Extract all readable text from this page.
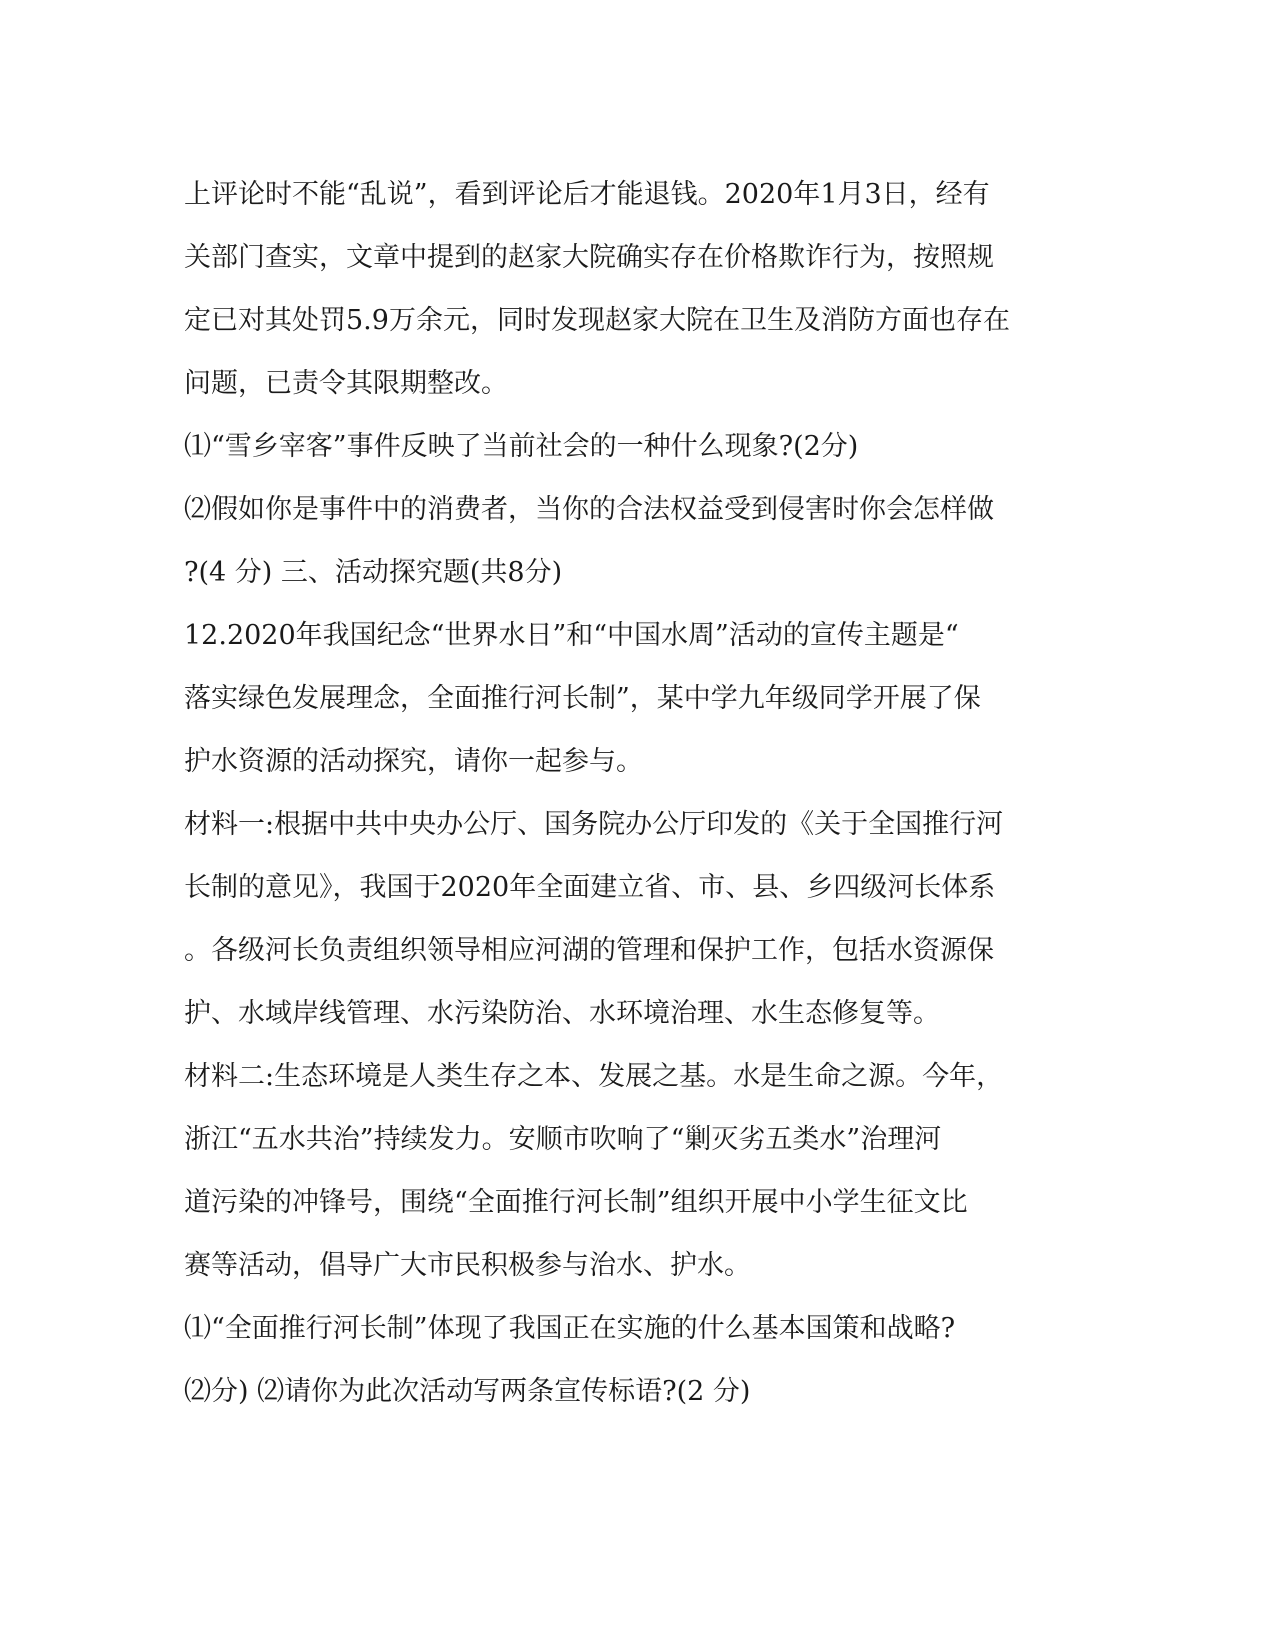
上评论时不能“乱说”，看到评论后才能退钱。2020年1月3日，经有
关部门查实，文章中提到的赵家大院确实存在价格欺诈行为，按照规
定已对其处罚5.9万余元，同时发现赵家大院在卫生及消防方面也存在
问题，已责令其限期整改。
⑴“雪乡宰客”事件反映了当前社会的一种什么现象?(2分)
⑵假如你是事件中的消费者，当你的合法权益受到侵害时你会怎样做
?(4 分) 三、活动探究题(共8分)
12.2020年我国纪念“世界水日”和“中国水周”活动的宣传主题是“
落实绿色发展理念，全面推行河长制”，某中学九年级同学开展了保
护水资源的活动探究，请你一起参与。
材料一:根据中共中央办公厅、国务院办公厅印发的《关于全国推行河
长制的意见》，我国于2020年全面建立省、市、县、乡四级河长体系
。各级河长负责组织领导相应河湖的管理和保护工作，包括水资源保
护、水域岸线管理、水污染防治、水环境治理、水生态修复等。
材料二:生态环境是人类生存之本、发展之基。水是生命之源。今年，
浙江“五水共治”持续发力。安顺市吹响了“剿灭劣五类水”治理河
道污染的冲锋号，围绕“全面推行河长制”组织开展中小学生征文比
赛等活动，倡导广大市民积极参与治水、护水。
⑴“全面推行河长制”体现了我国正在实施的什么基本国策和战略?
⑵分) ⑵请你为此次活动写两条宣传标语?(2 分)
